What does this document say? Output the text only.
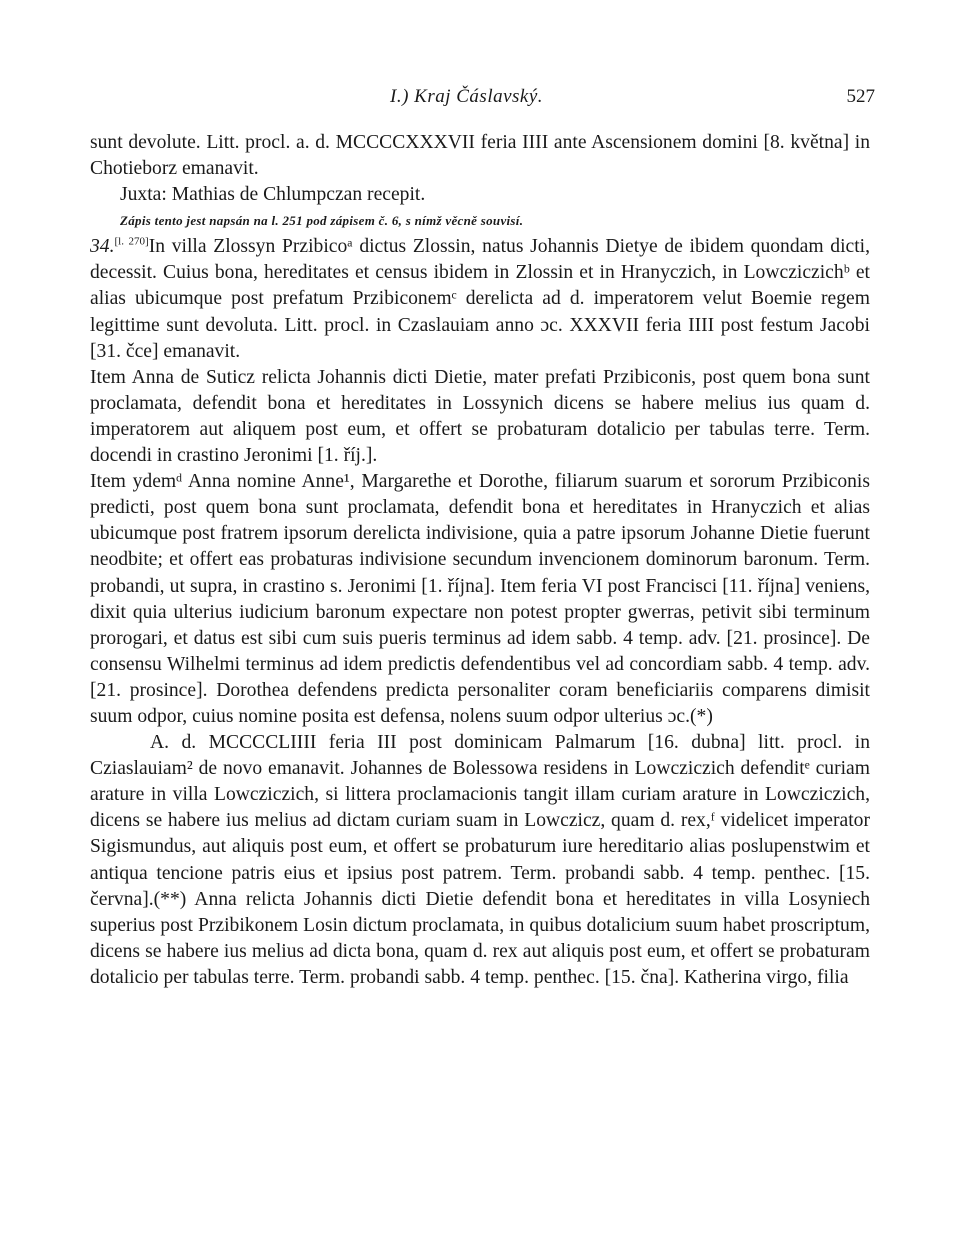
I.) Kraj Čáslavský.	527

sunt devolute. Litt. procl. a. d. MCCCCXXXVII feria IIII ante Ascensionem domini [8. května] in Chotieborz emanavit.

Juxta: Mathias de Chlumpczan recepit.

Zápis tento jest napsán na l. 251 pod zápisem č. 6, s nímž věcně souvisí.

34.[l. 270]In villa Zlossyn Przibicoᵃ dictus Zlossin, natus Johannis Dietye de ibidem quondam dicti, decessit. Cuius bona, hereditates et census ibidem in Zlossin et in Hranyczich, in Lowcziczichᵇ et alias ubicumque post prefatum Przibiconemᶜ derelicta ad d. imperatorem velut Boemie regem legittime sunt devoluta. Litt. procl. in Czaslauiam anno ɔc. XXXVII feria IIII post festum Jacobi [31. čce] emanavit.

Item Anna de Suticz relicta Johannis dicti Dietie, mater prefati Przibiconis, post quem bona sunt proclamata, defendit bona et hereditates in Lossynich dicens se habere melius ius quam d. imperatorem aut aliquem post eum, et offert se probaturam dotalicio per tabulas terre. Term. docendi in crastino Jeronimi [1. říj.].

Item ydemᵈ Anna nomine Anne¹, Margarethe et Dorothe, filiarum suarum et sororum Przibiconis predicti, post quem bona sunt proclamata, defendit bona et hereditates in Hranyczich et alias ubicumque post fratrem ipsorum derelicta indivisione, quia a patre ipsorum Johanne Dietie fuerunt neodbite; et offert eas probaturas indivisione secundum invencionem dominorum baronum. Term. probandi, ut supra, in crastino s. Jeronimi [1. října]. Item feria VI post Francisci [11. října] veniens, dixit quia ulterius iudicium baronum expectare non potest propter gwerras, petivit sibi terminum prorogari, et datus est sibi cum suis pueris terminus ad idem sabb. 4 temp. adv. [21. prosince]. De consensu Wilhelmi terminus ad idem predictis defendentibus vel ad concordiam sabb. 4 temp. adv. [21. prosince]. Dorothea defendens predicta personaliter coram beneficiariis comparens dimisit suum odpor, cuius nomine posita est defensa, nolens suum odpor ulterius ɔc.(*)

A. d. MCCCCLIIII feria III post dominicam Palmarum [16. dubna] litt. procl. in Cziaslauiam² de novo emanavit. Johannes de Bolessowa residens in Lowcziczich defenditᵉ curiam arature in villa Lowcziczich, si littera proclamacionis tangit illam curiam arature in Lowcziczich, dicens se habere ius melius ad dictam curiam suam in Lowczicz, quam d. rex,ᶠ videlicet imperator Sigismundus, aut aliquis post eum, et offert se probaturum iure hereditario alias poslupenstwim et antiqua tencione patris eius et ipsius post patrem. Term. probandi sabb. 4 temp. penthec. [15. června].(**) Anna relicta Johannis dicti Dietie defendit bona et hereditates in villa Losyniech superius post Przibikonem Losin dictum proclamata, in quibus dotalicium suum habet proscriptum, dicens se habere ius melius ad dicta bona, quam d. rex aut aliquis post eum, et offert se probaturam dotalicio per tabulas terre. Term. probandi sabb. 4 temp. penthec. [15. čna]. Katherina virgo, filia
